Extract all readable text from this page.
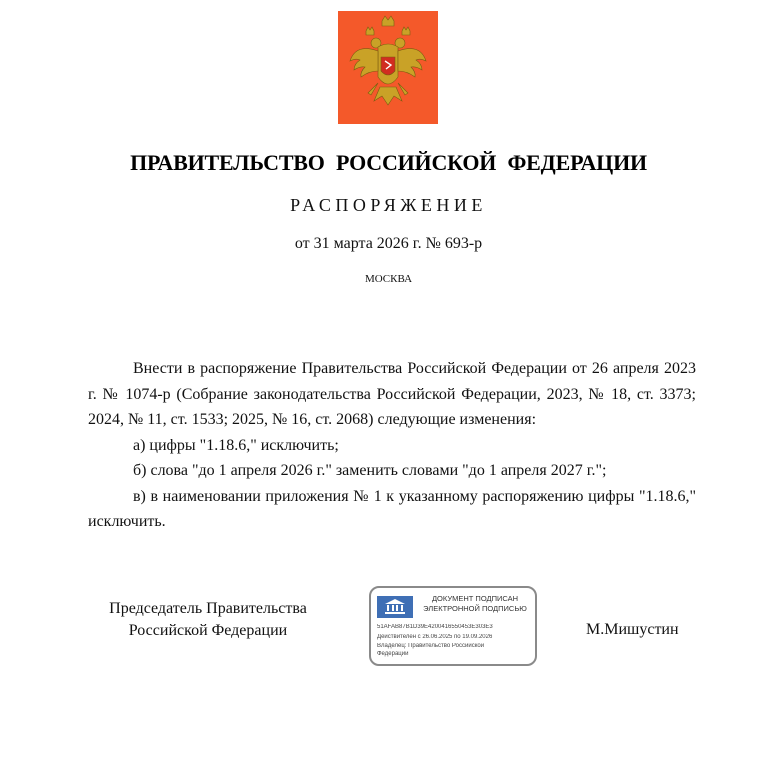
ПРАВИТЕЛЬСТВО РОССИЙСКОЙ ФЕДЕРАЦИИ
РАСПОРЯЖЕНИЕ
от 31 марта 2026 г. № 693-р
МОСКВА

Внести в распоряжение Правительства Российской Федерации от 26 апреля 2023 г. № 1074-р (Собрание законодательства Российской Федерации, 2023, № 18, ст. 3373; 2024, № 11, ст. 1533; 2025, № 16, ст. 2068) следующие изменения:

а) цифры "1.18.6," исключить;

б) слова "до 1 апреля 2026 г." заменить словами "до 1 апреля 2027 г.";

в) в наименовании приложения № 1 к указанному распоряжению цифры "1.18.6," исключить.

Председатель Правительства
Российской Федерации
ДОКУМЕНТ ПОДПИСАН
ЭЛЕКТРОННОЙ ПОДПИСЬЮ
51AFAB87B1D39E4200416550453E303E3
Действителен с 26.06.2025 по 19.09.2026
Владелец: Правительство Российской
Федерации
М.Мишустин
